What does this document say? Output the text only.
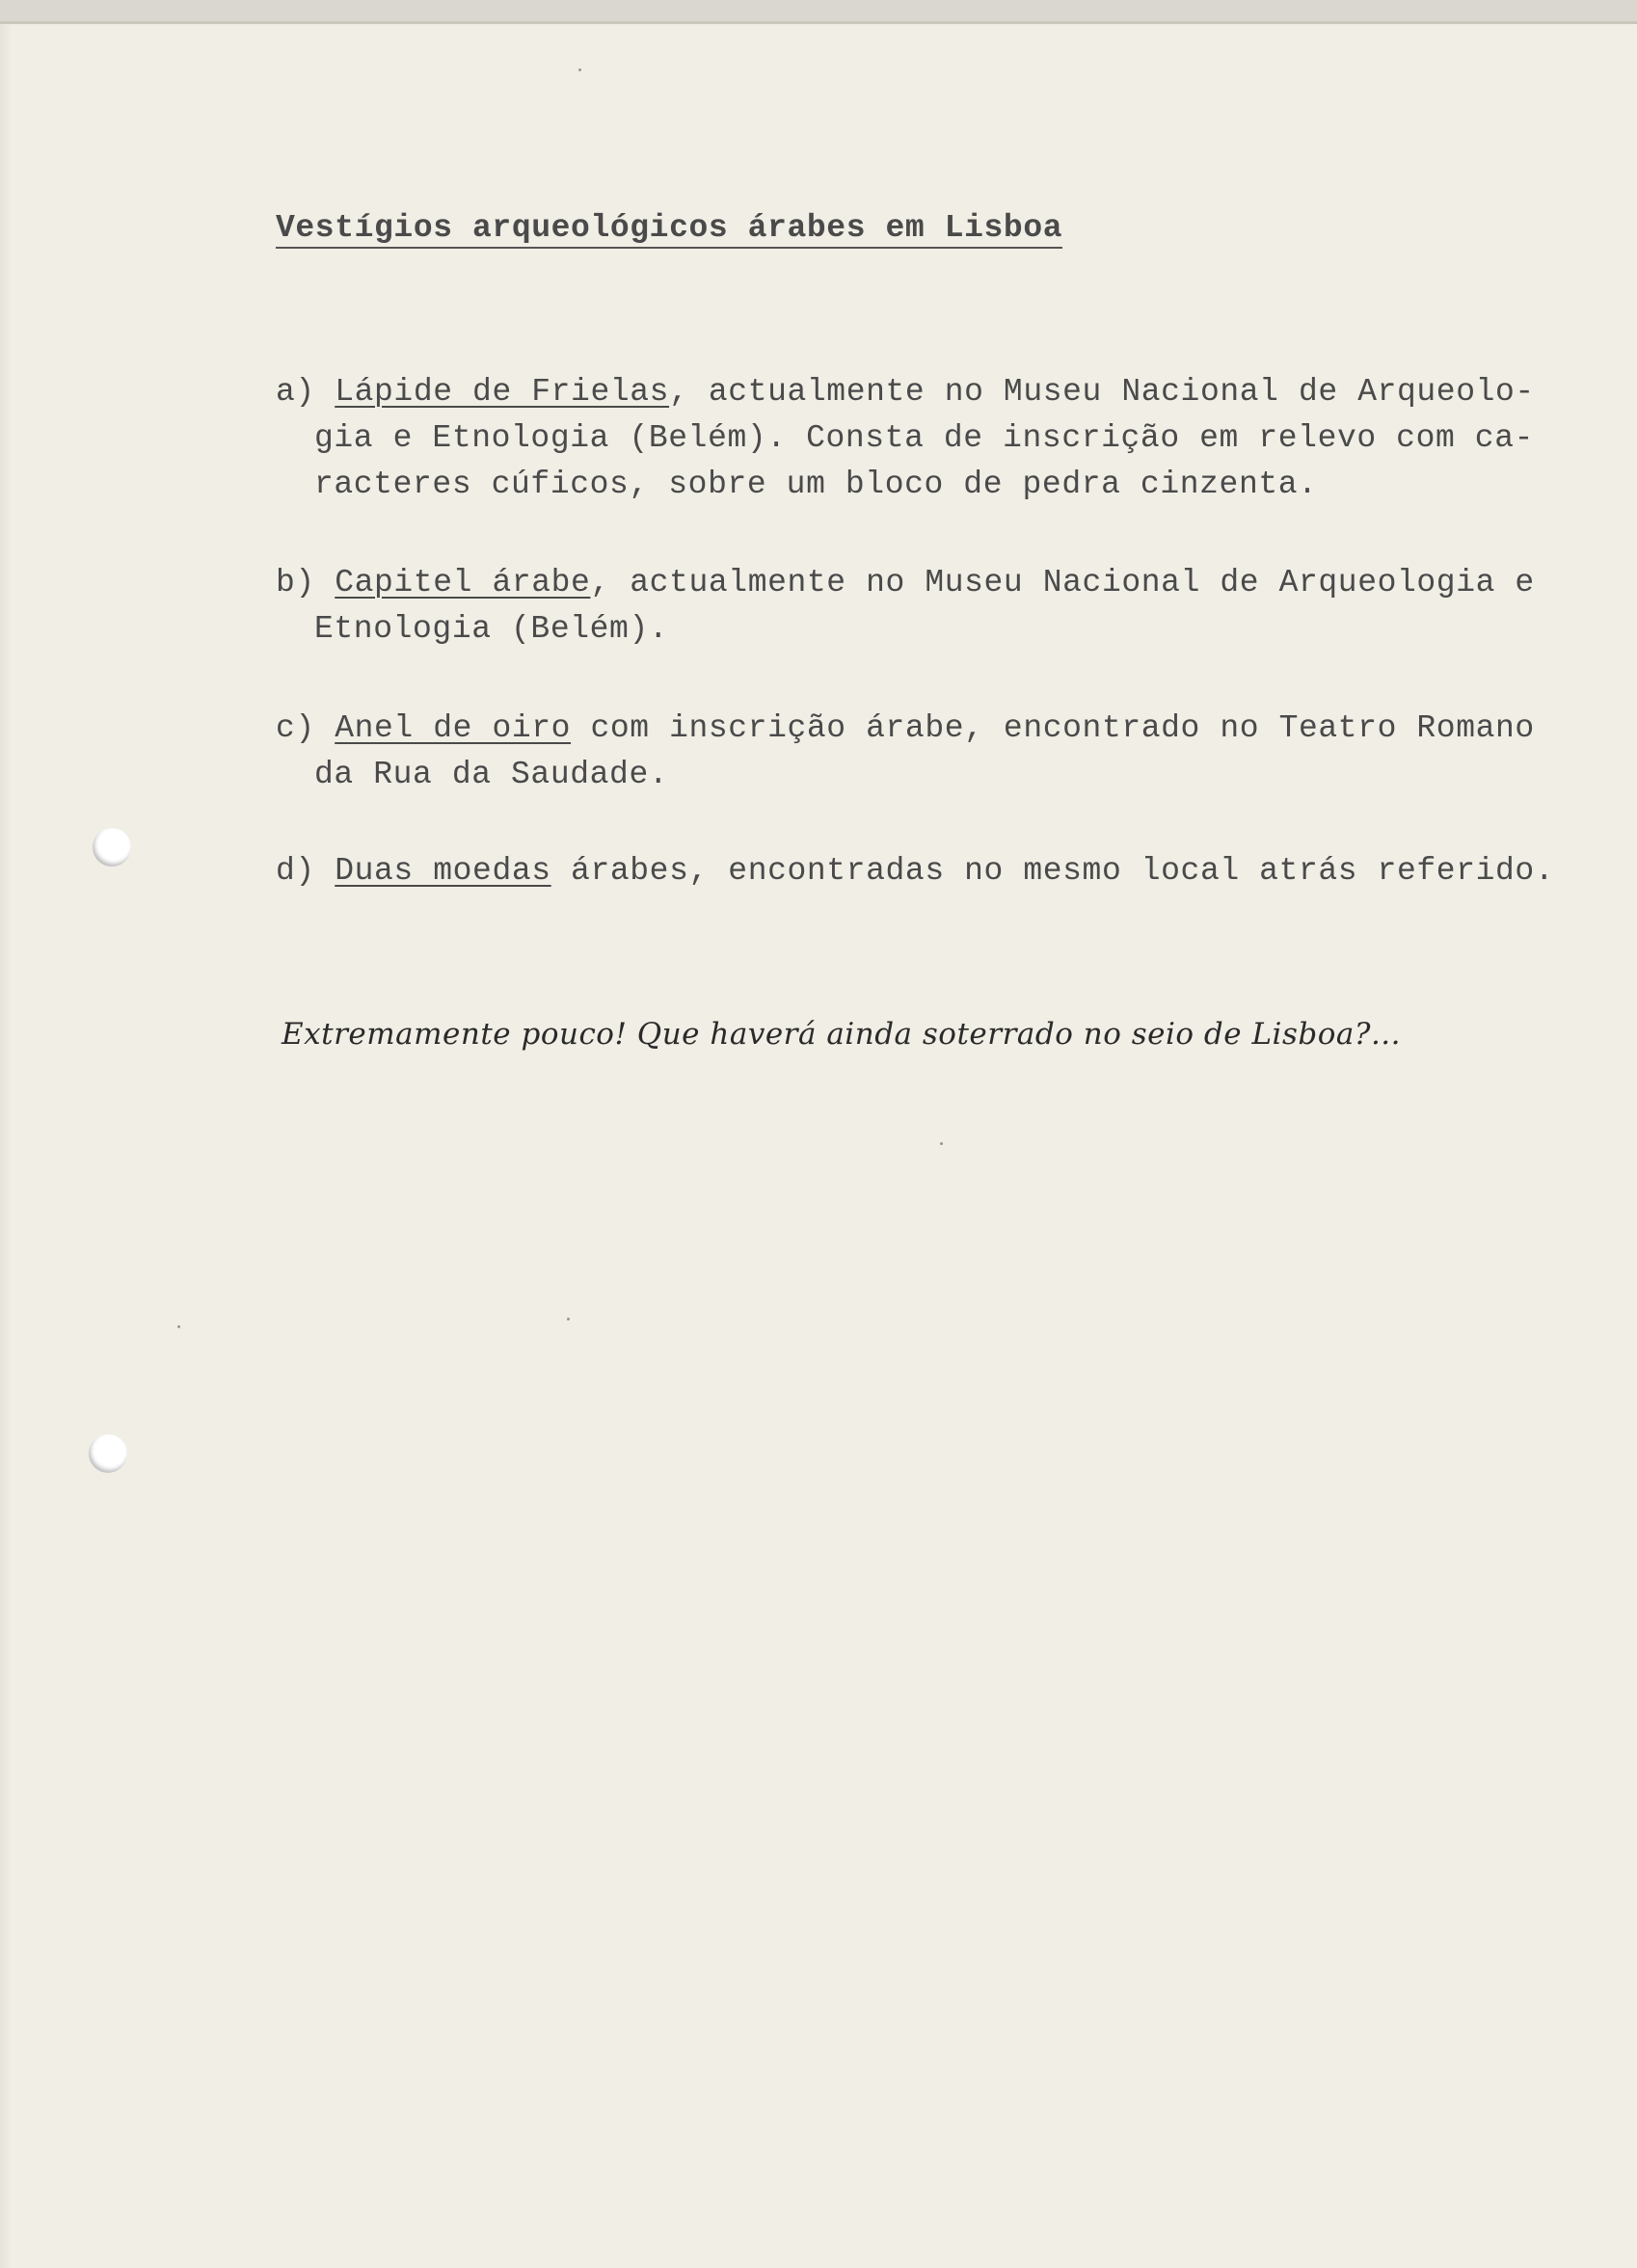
Vestígios arqueológicos árabes em Lisboa
a) Lápide de Frielas, actualmente no Museu Nacional de Arqueolo-
gia e Etnologia (Belém). Consta de inscrição em relevo com ca-
racteres cúficos, sobre um bloco de pedra cinzenta.
b) Capitel árabe, actualmente no Museu Nacional de Arqueologia e
Etnologia (Belém).
c) Anel de oiro com inscrição árabe, encontrado no Teatro Romano
da Rua da Saudade.
d) Duas moedas árabes, encontradas no mesmo local atrás referido.
Extremamente pouco! Que haverá ainda soterrado no seio de Lisboa?...
